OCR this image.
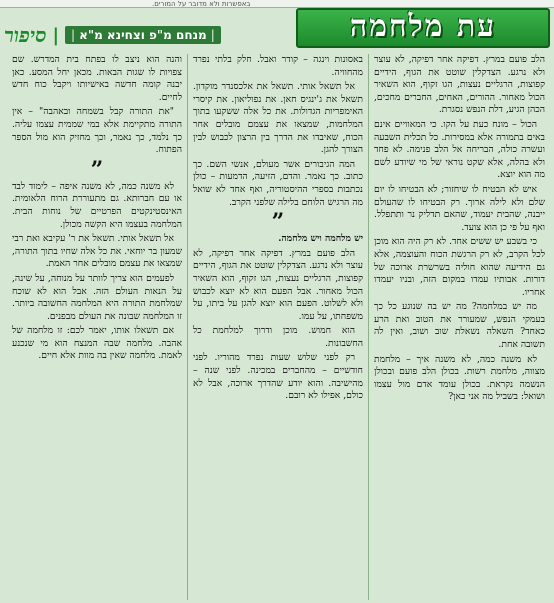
באפשרות ולא מדובר על המורים.
עת מלחמה
|
מנחם מ"פ וצחינא מ"א
|
|
סיפור

הלב פועם במרץ. דפיקה אחר דפיקה, לא עוצר ולא נרגע. הצדקלין שוטט את הגוף, הידיים קפוצות, הרגליים נעצות, הגו זקוף, הוא השאיר הכול מאחור. ההורים, האחים, החברים מחכים, הכהן הגיע, דלת הנפש נסגרת.

הכול – מונח כעת על הקו. כי המאוויים אינם באים בתמורה אלא במסירות. כל תכלית השבעה ועשרה כולה, הבריחה אל הלב פנימה. לא פחד ולא בהלה, אלא שקט נוראי של מי שיודע לשם מה הוא יוצא.

איש לא הבטיח לו שיחזור; לא הבטיחו לו יום שלם ולא לילה ארוך. רק הבטיחו לו שהעולם ייבנה, שהבית יעמוד, שהאם תדליק נר ותתפלל. ואף על פי כן הוא צועד.

כי בשבע יש ששים אחד. לא רק היה הוא מוכן לכל הקרב, לא רק הרגשת הכוח והעוצמה, אלא גם הידיעה שהוא חוליה בשרשרת ארוכה של דורות. אבותיו עמדו במקום הזה, ובניו יעמדו אחריו.

מה יש במלחמה? מה יש בה שנוגע כל כך בעמקי הנפש, שמעורר את הטוב ואת הרע כאחד? השאלה נשאלת שוב ושוב, ואין לה תשובה אחת.

לא משנה כמה, לא משנה איך – מלחמת מצווה, מלחמת רשות. בכולן הלב פועם ובכולן הנשמה נקראת. בכולן עומד אדם מול עצמו ושואל: בשביל מה אני כאן?

באסונות וינגה – קודר ואבל. חלק בלתי נפרד מהחוויה.

אל תשאל אותי. תשאל את אלכסנדר מוקדון. תשאל את ג'ינגיס חאן. את נפוליאון. את קיסרי האימפריות הגדולות. את כל אלה ששקעו בתוך המלחמות, שמצאו את עצמם מובלים אחר הכוח, שאיבדו את הדרך בין הרצון לכבוש לבין הצורך להגן.

המה הגיבורים אשר מעולם, אנשי השם. כך כתוב. כך נאמר. והדם, הזיעה, הדמעות – כולן נכתבות בספרי ההיסטוריה, ואף אחד לא שואל מה הרגיש הלוחם בלילה שלפני הקרב.

”

יש מלחמה ויש מלחמה.

הלב פועם במרץ. דפיקה אחר דפיקה, לא עוצר ולא נרגע. הצדקלין שוטט את הגוף, הידיים קפוצות, הרגליים נעצות, הגו זקוף, הוא השאיר הכול מאחור. אבל הפעם הוא לא יוצא לכבוש ולא לשלוט. הפעם הוא יוצא להגן על ביתו, על משפחתו, על עמו.

הוא חמוש. מוכן ודרוך למלחמת כל החשבונות.

רק לפני שלוש שעות נפרד מהוריו. לפני חודשיים – מהחברים במכינה. לפני שנה – מהישיבה. והוא יודע שהדרך ארוכה, אבל לא כולם, אפילו לא רובם.

והנה הוא ניצב לו בפתח בית המדרש. שם צפויות לו שגות הבאות. מכאן יחל המסע. כאן יבנה קומה חדשה באישיותו ויקבל כוח חדש לחיים.

"את התורה קבל בשמחה ובאהבה" – אין התורה מתקיימת אלא במי שממית עצמו עליה. כך נלמד, כך נאמר, וכך מחזיק הוא מול הספר הפתוח.

”

לא משנה כמה, לא משנה איפה – לימוד לבד או עם חברותא. גם מתעוררת הרוח הלאומית. האינסטינקטים הפרטיים של נוחות הבית. המלחמה בעצמו היא הקשה מכולן.

אל תשאל אותי. תשאל את ר' עקיבא ואת רבי שמעון בר יוחאי. את כל אלה שחיו בתוך התורה, שמצאו את עצמם מובלים אחר האמת.

לפעמים הוא צריך לוותר על מנוחה, על שינה, על הנאות העולם הזה. אבל הוא לא שוכח שמלחמת התורה היא המלחמה החשובה ביותר. זו המלחמה שבונה את העולם מבפנים.

אם תשאלו אותו, יאמר לכם: זו מלחמה של אהבה. מלחמה שבה המנצח הוא מי שנכנע לאמת. מלחמה שאין בה מוות אלא חיים.
